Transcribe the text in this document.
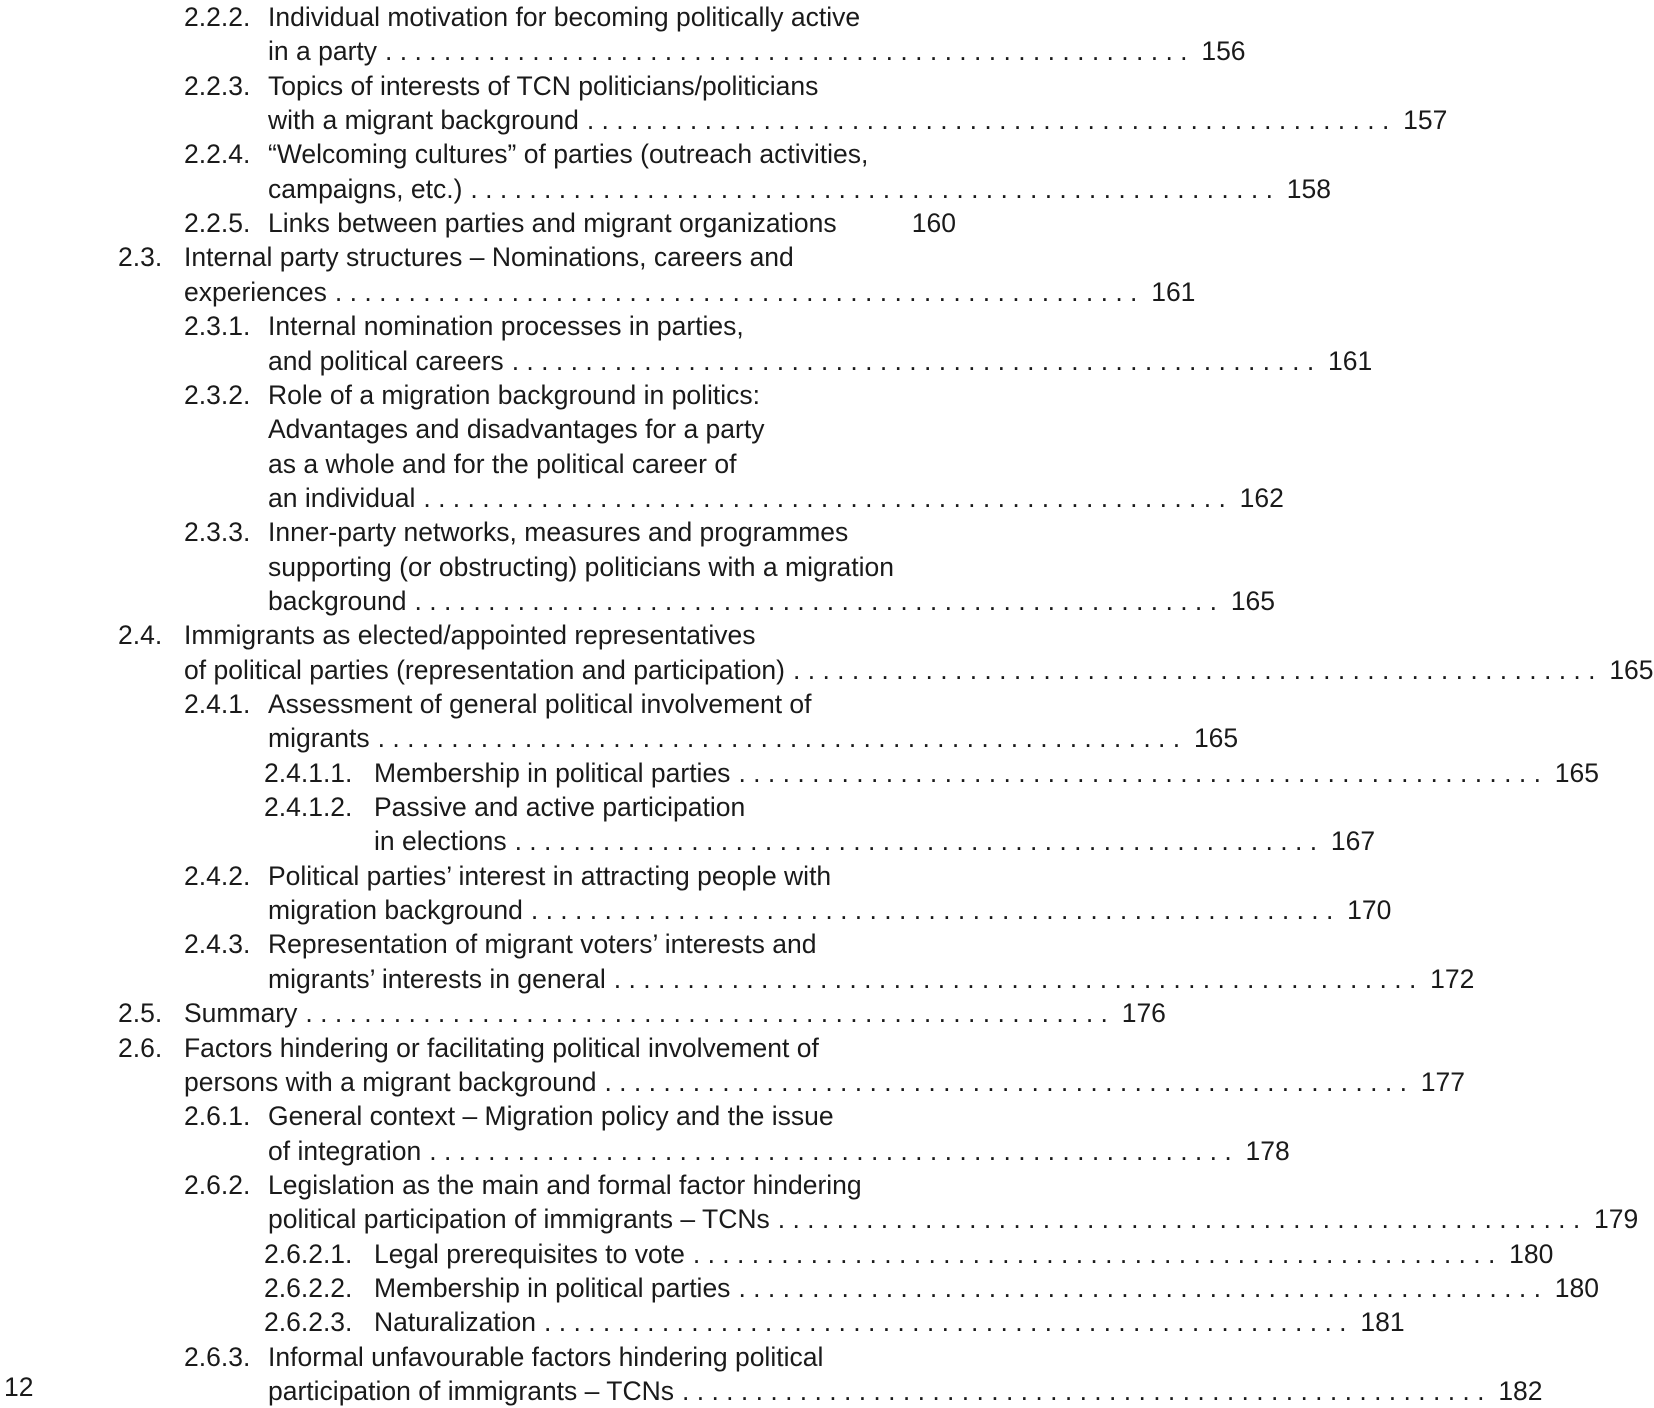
2.2.2. Individual motivation for becoming politically active
in a party . . . . . . . . . . . . . . . . . . . . . . . . . . . . . . . . . . . . . . . . . . . . . . . . . . . . . . . 156
2.2.3. Topics of interests of TCN politicians/politicians
with a migrant background . . . . . . . . . . . . . . . . . . . . . . . . . . . . . . . . . . . . . . . . . . . . . . . . . . . . . . . 157
2.2.4. “Welcoming cultures” of parties (outreach activities,
campaigns, etc.) . . . . . . . . . . . . . . . . . . . . . . . . . . . . . . . . . . . . . . . . . . . . . . . . . . . . . . . 158
2.2.5. Links between parties and migrant organizations	160
2.3. Internal party structures – Nominations, careers and
experiences . . . . . . . . . . . . . . . . . . . . . . . . . . . . . . . . . . . . . . . . . . . . . . . . . . . . . . . 161
2.3.1. Internal nomination processes in parties,
and political careers . . . . . . . . . . . . . . . . . . . . . . . . . . . . . . . . . . . . . . . . . . . . . . . . . . . . . . . 161
2.3.2. Role of a migration background in politics:
Advantages and disadvantages for a party
as a whole and for the political career of
an individual . . . . . . . . . . . . . . . . . . . . . . . . . . . . . . . . . . . . . . . . . . . . . . . . . . . . . . . 162
2.3.3. Inner-party networks, measures and programmes
supporting (or obstructing) politicians with a migration
background . . . . . . . . . . . . . . . . . . . . . . . . . . . . . . . . . . . . . . . . . . . . . . . . . . . . . . . 165
2.4. Immigrants as elected/appointed representatives
of political parties (representation and participation) . . . . . . . . . . . . . . . . . . . . . . . . . . . . . . . . . . . . . . . . . . . . . . . . . . . . . . . 165
2.4.1. Assessment of general political involvement of
migrants . . . . . . . . . . . . . . . . . . . . . . . . . . . . . . . . . . . . . . . . . . . . . . . . . . . . . . . 165
2.4.1.1. Membership in political parties . . . . . . . . . . . . . . . . . . . . . . . . . . . . . . . . . . . . . . . . . . . . . . . . . . . . . . . 165
2.4.1.2. Passive and active participation
in elections . . . . . . . . . . . . . . . . . . . . . . . . . . . . . . . . . . . . . . . . . . . . . . . . . . . . . . . 167
2.4.2. Political parties’ interest in attracting people with
migration background . . . . . . . . . . . . . . . . . . . . . . . . . . . . . . . . . . . . . . . . . . . . . . . . . . . . . . . 170
2.4.3. Representation of migrant voters’ interests and
migrants’ interests in general . . . . . . . . . . . . . . . . . . . . . . . . . . . . . . . . . . . . . . . . . . . . . . . . . . . . . . . 172
2.5. Summary . . . . . . . . . . . . . . . . . . . . . . . . . . . . . . . . . . . . . . . . . . . . . . . . . . . . . . . 176
2.6. Factors hindering or facilitating political involvement of
persons with a migrant background . . . . . . . . . . . . . . . . . . . . . . . . . . . . . . . . . . . . . . . . . . . . . . . . . . . . . . . 177
2.6.1. General context – Migration policy and the issue
of integration . . . . . . . . . . . . . . . . . . . . . . . . . . . . . . . . . . . . . . . . . . . . . . . . . . . . . . . 178
2.6.2. Legislation as the main and formal factor hindering
political participation of immigrants – TCNs . . . . . . . . . . . . . . . . . . . . . . . . . . . . . . . . . . . . . . . . . . . . . . . . . . . . . . . 179
2.6.2.1. Legal prerequisites to vote . . . . . . . . . . . . . . . . . . . . . . . . . . . . . . . . . . . . . . . . . . . . . . . . . . . . . . . 180
2.6.2.2. Membership in political parties . . . . . . . . . . . . . . . . . . . . . . . . . . . . . . . . . . . . . . . . . . . . . . . . . . . . . . . 180
2.6.2.3. Naturalization . . . . . . . . . . . . . . . . . . . . . . . . . . . . . . . . . . . . . . . . . . . . . . . . . . . . . . . 181
2.6.3. Informal unfavourable factors hindering political
participation of immigrants – TCNs . . . . . . . . . . . . . . . . . . . . . . . . . . . . . . . . . . . . . . . . . . . . . . . . . . . . . . . 182
12
